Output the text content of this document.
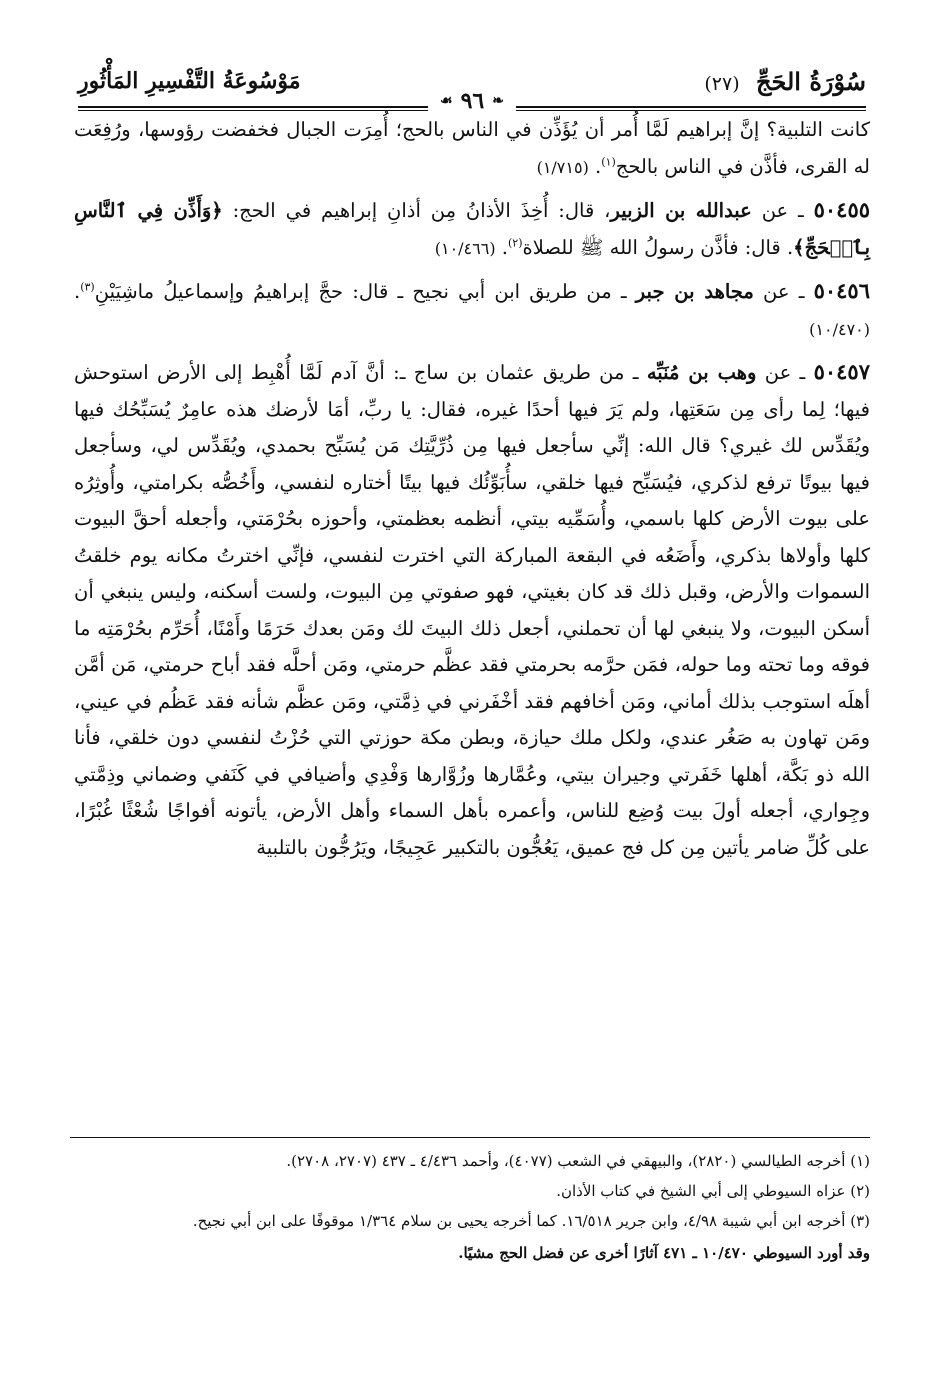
سُوْرَةُ الحَجِّ (٢٧)
مَوْسُوعَةُ التَّفْسِيرِ المَأْثُورِ
❧
٩٦
☙

كانت التلبية؟ إنَّ إبراهيم لَمَّا أُمر أن يُؤَذِّن في الناس بالحج؛ أُمِرَت الجبال فخفضت رؤوسها، ورُفِعَت له القرى، فأذَّن في الناس بالحج$^{(١)}$. (١/٧١٥)

٥٠٤٥٥ ـ عن عبدالله بن الزبير، قال: أُخِذَ الأذانُ مِن أذانِ إبراهيم في الحج: ﴿وَأَذِّن فِي ٱلنَّاسِ بِٱلۡحَجِّ﴾. قال: فأذَّن رسولُ الله ﷺ للصلاة$^{(٢)}$. (١٠/٤٦٦)

٥٠٤٥٦ ـ عن مجاهد بن جبر ـ من طريق ابن أبي نجيح ـ قال: حجَّ إبراهيمُ وإسماعيلُ ماشِيَيْنِ$^{(٣)}$. (١٠/٤٧٠)

٥٠٤٥٧ ـ عن وهب بن مُنَبِّه ـ من طريق عثمان بن ساج ـ: أنَّ آدم لَمَّا أُهْبِط إلى الأرض استوحش فيها؛ لِما رأى مِن سَعَتِها، ولم يَرَ فيها أحدًا غيره، فقال: يا ربِّ، أمَا لأرضك هذه عامِرٌ يُسَبِّحُك فيها ويُقَدِّس لك غيري؟ قال الله: إنِّي سأجعل فيها مِن ذُرِّيَّتِك مَن يُسَبِّح بحمدي، ويُقَدِّس لي، وسأجعل فيها بيوتًا ترفع لذكري، فيُسَبِّح فيها خلقي، سأُبَوِّئُك فيها بيتًا أختاره لنفسي، وأَخُصُّه بكرامتي، وأُوثِرُه على بيوت الأرض كلها باسمي، وأُسَمِّيه بيتي، أنظمه بعظمتي، وأحوزه بحُرْمَتي، وأجعله أحقَّ البيوت كلها وأولاها بذكري، وأَضَعُه في البقعة المباركة التي اخترت لنفسي، فإنِّي اخترتُ مكانه يوم خلقتُ السموات والأرض، وقبل ذلك قد كان بغيتي، فهو صفوتي مِن البيوت، ولست أسكنه، وليس ينبغي أن أسكن البيوت، ولا ينبغي لها أن تحملني، أجعل ذلك البيتَ لك ومَن بعدك حَرَمًا وأَمْنًا، أُحَرِّم بحُرْمَتِه ما فوقه وما تحته وما حوله، فمَن حرَّمه بحرمتي فقد عظَّم حرمتي، ومَن أحلَّه فقد أباح حرمتي، مَن أمَّن أهلَه استوجب بذلك أماني، ومَن أخافهم فقد أخْفَرني في ذِمَّتي، ومَن عظَّم شأنه فقد عَظُم في عيني، ومَن تهاون به صَغُر عندي، ولكل ملك حيازة، وبطن مكة حوزتي التي حُزْتُ لنفسي دون خلقي، فأنا الله ذو بَكَّة، أهلها خَفَرتي وجيران بيتي، وعُمَّارها وزُوَّارها وَفْدِي وأضيافي في كَنَفي وضماني وذِمَّتي وجِواري، أجعله أولَ بيت وُضِع للناس، وأعمره بأهل السماء وأهل الأرض، يأتونه أفواجًا شُعْثًا غُبْرًا، على كُلِّ ضامر يأتين مِن كل فج عميق، يَعُجُّون بالتكبير عَجِيجًا، ويَرُجُّون بالتلبية

(١) أخرجه الطيالسي (٢٨٢٠)، والبيهقي في الشعب (٤٠٧٧)، وأحمد ٤/٤٣٦ ـ ٤٣٧ (٢٧٠٧، ٢٧٠٨).

(٢) عزاه السيوطي إلى أبي الشيخ في كتاب الأذان.

(٣) أخرجه ابن أبي شيبة ٤/٩٨، وابن جرير ١٦/٥١٨. كما أخرجه يحيى بن سلام ١/٣٦٤ موقوفًا على ابن أبي نجيح.

وقد أورد السيوطي ١٠/٤٧٠ ـ ٤٧١ آثارًا أخرى عن فضل الحج مشيًا.
